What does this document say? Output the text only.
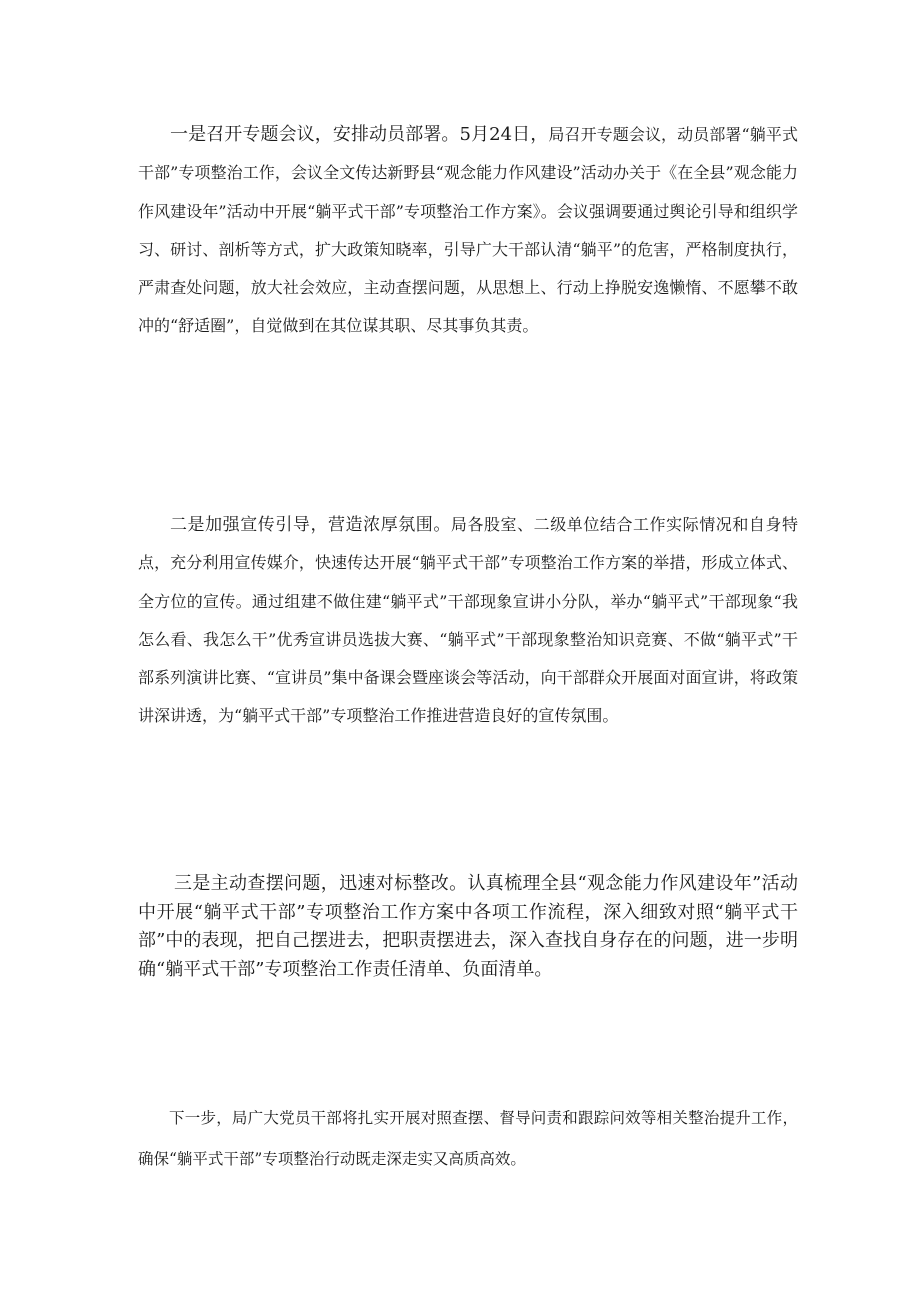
一是召开专题会议，安排动员部署。5月24日，局召开专题会议，动员部署“躺平式干部”专项整治工作，会议全文传达新野县“观念能力作风建设”活动办关于《在全县”观念能力作风建设年”活动中开展“躺平式干部”专项整治工作方案》。会议强调要通过舆论引导和组织学习、研讨、剖析等方式，扩大政策知晓率，引导广大干部认清“躺平”的危害，严格制度执行，严肃查处问题，放大社会效应，主动查摆问题，从思想上、行动上挣脱安逸懒惰、不愿攀不敢冲的“舒适圈”，自觉做到在其位谋其职、尽其事负其责。

二是加强宣传引导，营造浓厚氛围。局各股室、二级单位结合工作实际情况和自身特点，充分利用宣传媒介，快速传达开展“躺平式干部”专项整治工作方案的举措，形成立体式、全方位的宣传。通过组建不做住建“躺平式”干部现象宣讲小分队，举办“躺平式”干部现象“我怎么看、我怎么干”优秀宣讲员选拔大赛、“躺平式”干部现象整治知识竞赛、不做“躺平式”干部系列演讲比赛、“宣讲员”集中备课会暨座谈会等活动，向干部群众开展面对面宣讲，将政策讲深讲透，为“躺平式干部”专项整治工作推进营造良好的宣传氛围。

三是主动查摆问题，迅速对标整改。认真梳理全县“观念能力作风建设年”活动中开展“躺平式干部”专项整治工作方案中各项工作流程，深入细致对照“躺平式干部”中的表现，把自己摆进去，把职责摆进去，深入查找自身存在的问题，进一步明确“躺平式干部”专项整治工作责任清单、负面清单。

下一步，局广大党员干部将扎实开展对照查摆、督导问责和跟踪问效等相关整治提升工作，确保“躺平式干部”专项整治行动既走深走实又高质高效。
